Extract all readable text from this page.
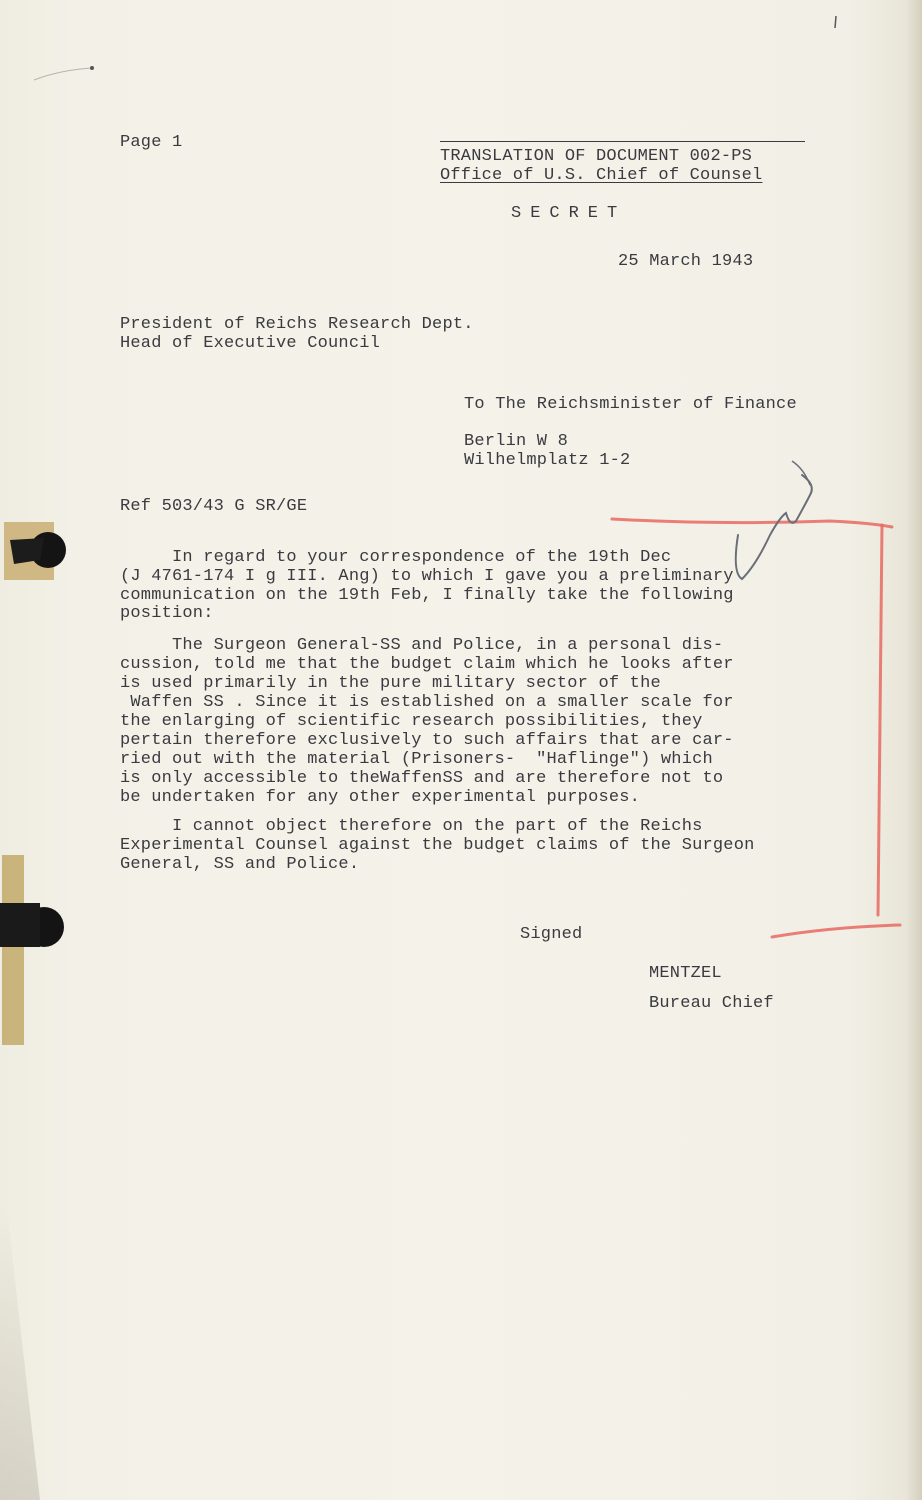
Page 1
TRANSLATION OF DOCUMENT 002-PS
Office of U.S. Chief of Counsel
SECRET
25 March 1943
President of Reichs Research Dept.
Head of Executive Council
To The Reichsminister of Finance
Berlin W 8
Wilhelmplatz 1-2
Ref 503/43 G SR/GE
In regard to your correspondence of the 19th Dec
(J 4761-174 I g III. Ang) to which I gave you a preliminary
communication on the 19th Feb, I finally take the following
position:
The Surgeon General-SS and Police, in a personal dis-
cussion, told me that the budget claim which he looks after
is used primarily in the pure military sector of the
Waffen SS . Since it is established on a smaller scale for
the enlarging of scientific research possibilities, they
pertain therefore exclusively to such affairs that are car-
ried out with the material (Prisoners-  "Haflinge") which
is only accessible to theWaffenSS and are therefore not to
be undertaken for any other experimental purposes.
I cannot object therefore on the part of the Reichs
Experimental Counsel against the budget claims of the Surgeon
General, SS and Police.
Signed
MENTZEL
Bureau Chief
